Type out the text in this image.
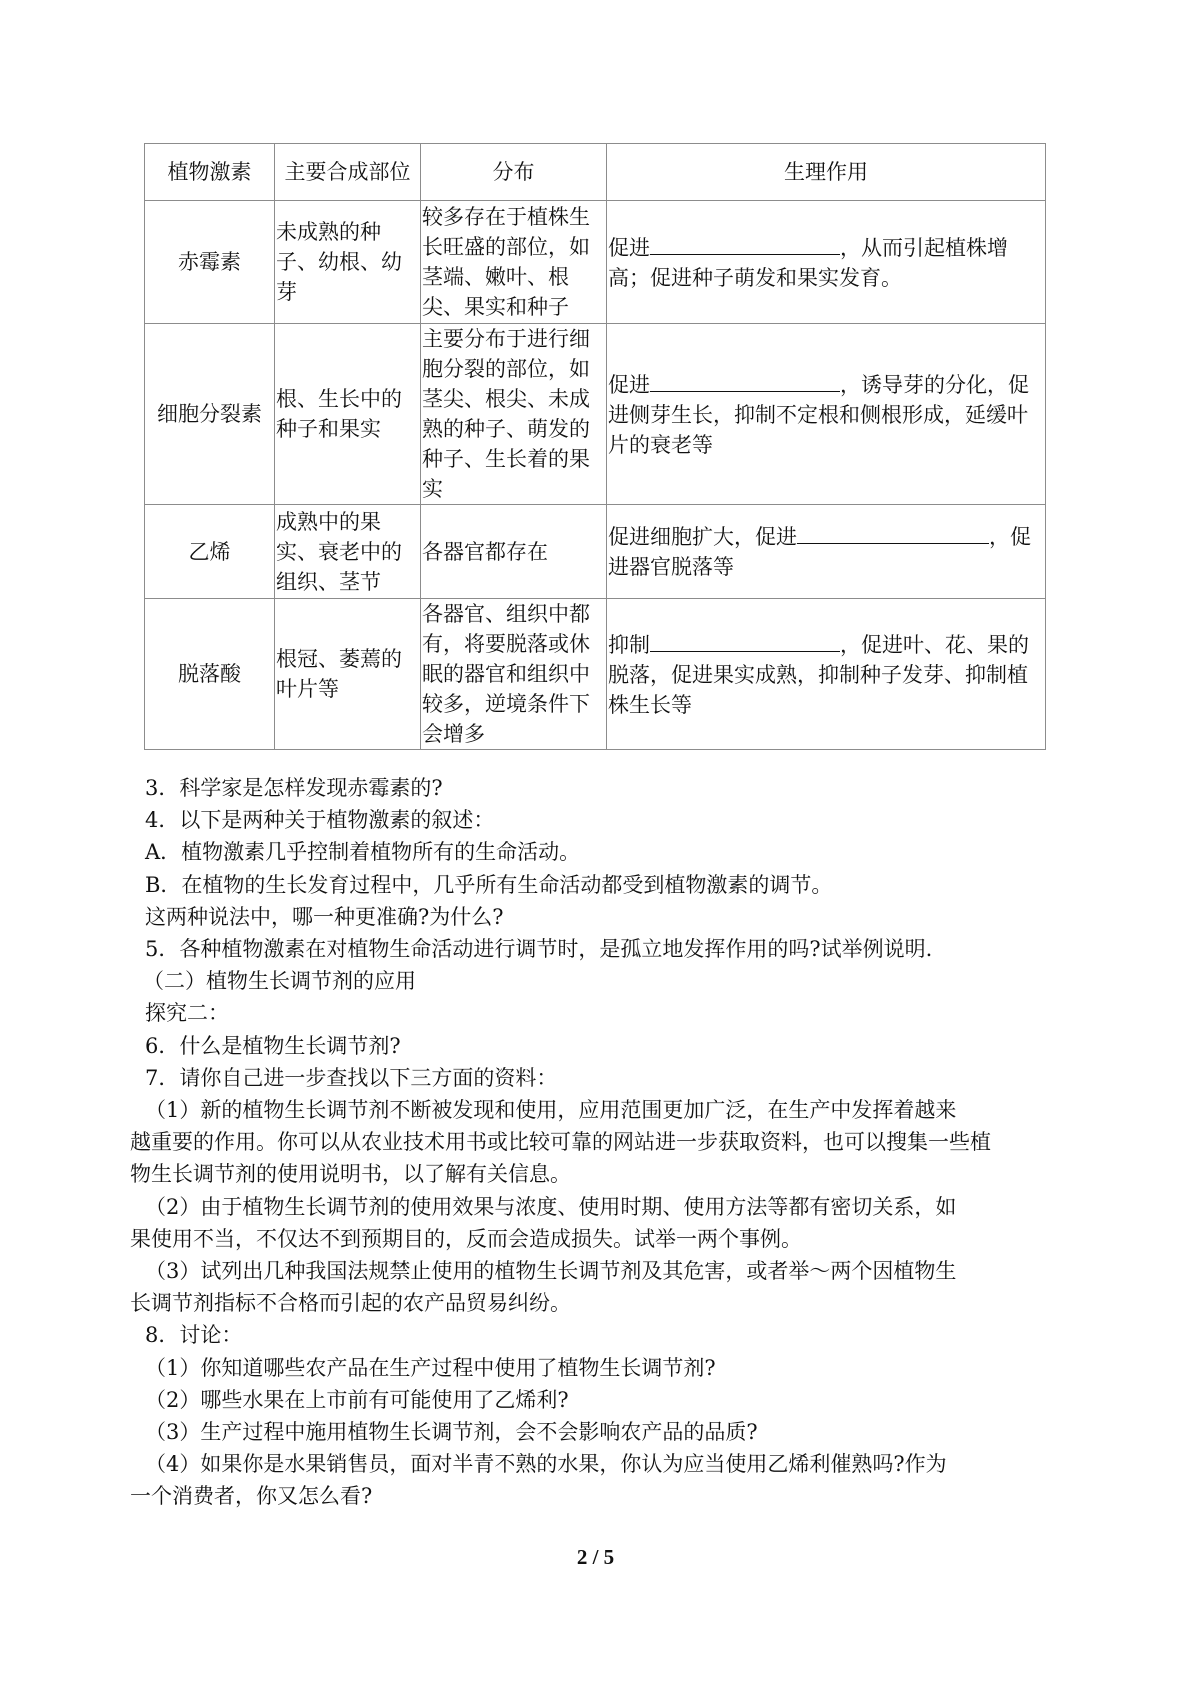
植物激素	主要合成部位	分布	生理作用
赤霉素	未成熟的种子、幼根、幼芽	较多存在于植株生长旺盛的部位，如茎端、嫩叶、根尖、果实和种子	促进 ，从而引起植株增高；促进种子萌发和果实发育。
细胞分裂素	根、生长中的种子和果实	主要分布于进行细胞分裂的部位，如茎尖、根尖、未成熟的种子、萌发的种子、生长着的果实	促进 ，诱导芽的分化，促进侧芽生长，抑制不定根和侧根形成，延缓叶片的衰老等
乙烯	成熟中的果实、衰老中的组织、茎节	各器官都存在	促进细胞扩大，促进 ，促进器官脱落等
脱落酸	根冠、萎蔫的叶片等	各器官、组织中都有，将要脱落或休眠的器官和组织中较多，逆境条件下会增多	抑制 ，促进叶、花、果的脱落，促进果实成熟，抑制种子发芽、抑制植株生长等
3．科学家是怎样发现赤霉素的?
4．以下是两种关于植物激素的叙述：
A．植物激素几乎控制着植物所有的生命活动。
B．在植物的生长发育过程中，几乎所有生命活动都受到植物激素的调节。
这两种说法中，哪一种更准确?为什么?
5．各种植物激素在对植物生命活动进行调节时，是孤立地发挥作用的吗?试举例说明.
（二）植物生长调节剂的应用
探究二：
6．什么是植物生长调节剂?
7．请你自己进一步查找以下三方面的资料：
（1）新的植物生长调节剂不断被发现和使用，应用范围更加广泛，在生产中发挥着越来
越重要的作用。你可以从农业技术用书或比较可靠的网站进一步获取资料，也可以搜集一些植
物生长调节剂的使用说明书，以了解有关信息。
（2）由于植物生长调节剂的使用效果与浓度、使用时期、使用方法等都有密切关系，如
果使用不当，不仅达不到预期目的，反而会造成损失。试举一两个事例。
（3）试列出几种我国法规禁止使用的植物生长调节剂及其危害，或者举～两个因植物生
长调节剂指标不合格而引起的农产品贸易纠纷。
8．讨论：
（1）你知道哪些农产品在生产过程中使用了植物生长调节剂?
（2）哪些水果在上市前有可能使用了乙烯利?
（3）生产过程中施用植物生长调节剂，会不会影响农产品的品质?
（4）如果你是水果销售员，面对半青不熟的水果，你认为应当使用乙烯利催熟吗?作为
一个消费者，你又怎么看?
2 / 5
